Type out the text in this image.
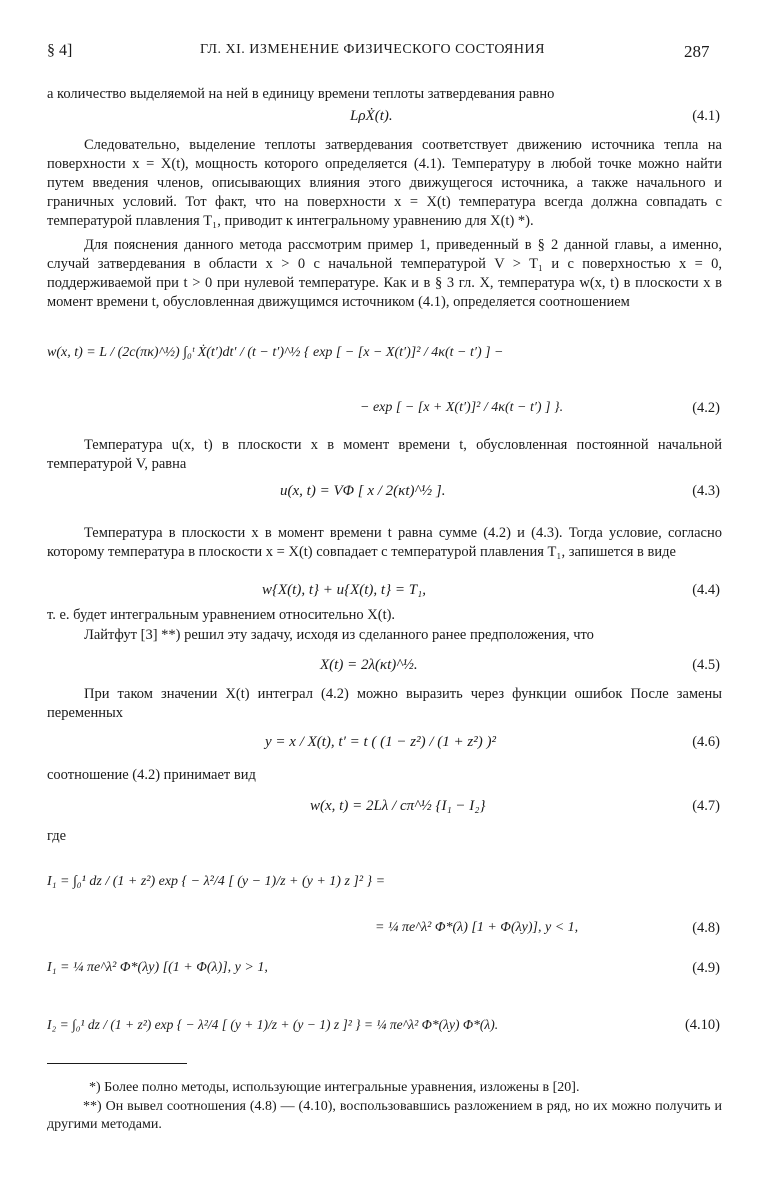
§ 4]	ГЛ. XI. ИЗМЕНЕНИЕ ФИЗИЧЕСКОГО СОСТОЯНИЯ	287
а количество выделяемой на ней в единицу времени теплоты затвердевания равно
LρẊ(t).	(4.1)
Следовательно, выделение теплоты затвердевания соответствует движению источника тепла на поверхности x = X(t), мощность которого определяется (4.1). Температуру в любой точке можно найти путем введения членов, описывающих влияния этого движущегося источника, а также начального и граничных условий. Тот факт, что на поверхности x = X(t) температура всегда должна совпадать с температурой плавления T₁, приводит к интегральному уравнению для X(t) *).
Для пояснения данного метода рассмотрим пример 1, приведенный в § 2 данной главы, а именно, случай затвердевания в области x > 0 с начальной температурой V > T₁ и с поверхностью x = 0, поддерживаемой при t > 0 при нулевой температуре. Как и в § 3 гл. X, температура w(x, t) в плоскости x в момент времени t, обусловленная движущимся источником (4.1), определяется соотношением
w(x, t) = L / (2c(πκ)^½) ∫₀ᵗ Ẋ(t′)dt′ / (t − t′)^½ { exp [ − [x − X(t′)]² / 4κ(t − t′) ] −
− exp [ − [x + X(t′)]² / 4κ(t − t′) ] }.	(4.2)
Температура u(x, t) в плоскости x в момент времени t, обусловленная постоянной начальной температурой V, равна
u(x, t) = VΦ [ x / 2(κt)^½ ].	(4.3)
Температура в плоскости x в момент времени t равна сумме (4.2) и (4.3). Тогда условие, согласно которому температура в плоскости x = X(t) совпадает с температурой плавления T₁, запишется в виде
w{X(t), t} + u{X(t), t} = T₁,	(4.4)
т. е. будет интегральным уравнением относительно X(t).
Лайтфут [3] **) решил эту задачу, исходя из сделанного ранее предположения, что
X(t) = 2λ(κt)^½.	(4.5)
При таком значении X(t) интеграл (4.2) можно выразить через функции ошибок После замены переменных
y = x / X(t), t′ = t ( (1 − z²) / (1 + z²) )²	(4.6)
соотношение (4.2) принимает вид
w(x, t) = 2Lλ / cπ^½ {I₁ − I₂}	(4.7)
где
I₁ = ∫₀¹ dz / (1 + z²) exp { − λ²/4 [ (y − 1)/z + (y + 1) z ]² } =
= ¼ πe^λ² Φ*(λ) [1 + Φ(λy)], y < 1,	(4.8)
I₁ = ¼ πe^λ² Φ*(λy) [(1 + Φ(λ)], y > 1,	(4.9)
I₂ = ∫₀¹ dz / (1 + z²) exp { − λ²/4 [ (y + 1)/z + (y − 1) z ]² } = ¼ πe^λ² Φ*(λy) Φ*(λ).	(4.10)
*) Более полно методы, использующие интегральные уравнения, изложены в [20].
**) Он вывел соотношения (4.8) — (4.10), воспользовавшись разложением в ряд, но их можно получить и другими методами.
